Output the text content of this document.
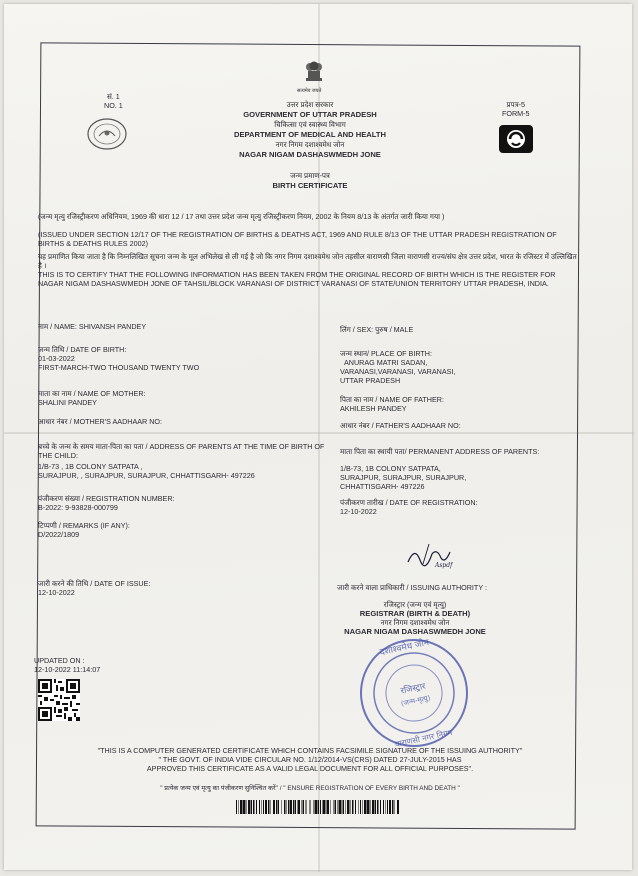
सत्यमेव जयते
सं. 1
NO. 1	प्रपत्र-5
FORM-5
उत्तर प्रदेश सरकार
GOVERNMENT OF UTTAR PRADESH
चिकित्सा एवं स्वास्थ्य विभाग
DEPARTMENT OF MEDICAL AND HEALTH
नगर निगम दशाश्वमेध जोन
NAGAR NIGAM DASHASWMEDH JONE
जन्म प्रमाण-पत्र
BIRTH CERTIFICATE
(जन्म मृत्यु रजिस्ट्रीकरण अधिनियम, 1969 की धारा 12 / 17 तथा उत्तर प्रदेश जन्म मृत्यु रजिस्ट्रीकरण नियम, 2002 के नियम 8/13 के अंतर्गत जारी किया गया )
(ISSUED UNDER SECTION 12/17 OF THE REGISTRATION OF BIRTHS & DEATHS ACT, 1969 AND RULE 8/13 OF THE UTTAR PRADESH REGISTRATION OF BIRTHS & DEATHS RULES 2002)
यह प्रमाणित किया जाता है कि निम्नलिखित सूचना जन्म के मूल अभिलेख से ली गई है जो कि नगर निगम दशाश्वमेध जोन तहसील वाराणसी जिला वाराणसी राज्य/संघ क्षेत्र उत्तर प्रदेश, भारत के रजिस्टर में उल्लिखित है ।
THIS IS TO CERTIFY THAT THE FOLLOWING INFORMATION HAS BEEN TAKEN FROM THE ORIGINAL RECORD OF BIRTH WHICH IS THE REGISTER FOR NAGAR NIGAM DASHASWMEDH JONE OF TAHSIL/BLOCK VARANASI OF DISTRICT VARANASI OF STATE/UNION TERRITORY UTTAR PRADESH, INDIA.
नाम / NAME: SHIVANSH PANDEY	लिंग / SEX: पुरुष / MALE
जन्म तिथि / DATE OF BIRTH:
01-03-2022
FIRST-MARCH-TWO THOUSAND TWENTY TWO
जन्म स्थान/ PLACE OF BIRTH:
ANURAG MATRI SADAN,
VARANASI,VARANASI, VARANASI,
UTTAR PRADESH
माता का नाम / NAME OF MOTHER:
SHALINI PANDEY	पिता का नाम / NAME OF FATHER:
AKHILESH PANDEY
आधार नंबर / MOTHER'S AADHAAR NO:	आधार नंबर / FATHER'S AADHAAR NO:
बच्चे के जन्म के समय माता-पिता का पता / ADDRESS OF PARENTS AT THE TIME OF BIRTH OF THE CHILD:
1/B-73 , 1B COLONY SATPATA ,
SURAJPUR, , SURAJPUR, SURAJPUR, CHHATTISGARH- 497226
माता पिता का स्थायी पता/ PERMANENT ADDRESS OF PARENTS:
1/B-73, 1B COLONY SATPATA,
SURAJPUR, SURAJPUR, SURAJPUR,
CHHATTISGARH- 497226
पंजीकरण संख्या / REGISTRATION NUMBER:
B-2022: 9-93828-000799
पंजीकरण तारीख / DATE OF REGISTRATION:
12-10-2022
टिप्पणी / REMARKS (IF ANY):
D/2022/1809
Aspdf
जारी करने की तिथि / DATE OF ISSUE:
12-10-2022
जारी करने वाला प्राधिकारी / ISSUING AUTHORITY :
रजिस्ट्रार (जन्म एवं मृत्यु)
REGISTRAR (BIRTH & DEATH)
नगर निगम दशाश्वमेध जोन
NAGAR NIGAM DASHASWMEDH JONE
दशाश्वमेध जोन
रजिस्ट्रार
(जन्म-मृत्यु)
वाराणसी नगर निगम
UPDATED ON :
12-10-2022 11:14:07
"THIS IS A COMPUTER GENERATED CERTIFICATE WHICH CONTAINS FACSIMILE SIGNATURE OF THE ISSUING AUTHORITY"
" THE GOVT. OF INDIA VIDE CIRCULAR NO. 1/12/2014-VS(CRS) DATED 27-JULY-2015 HAS
APPROVED THIS CERTIFICATE AS A VALID LEGAL DOCUMENT FOR ALL OFFICIAL PURPOSES".
" प्रत्येक जन्म एवं मृत्यु का पंजीकरण सुनिश्चित करें" / " ENSURE REGISTRATION OF EVERY BIRTH AND DEATH "
